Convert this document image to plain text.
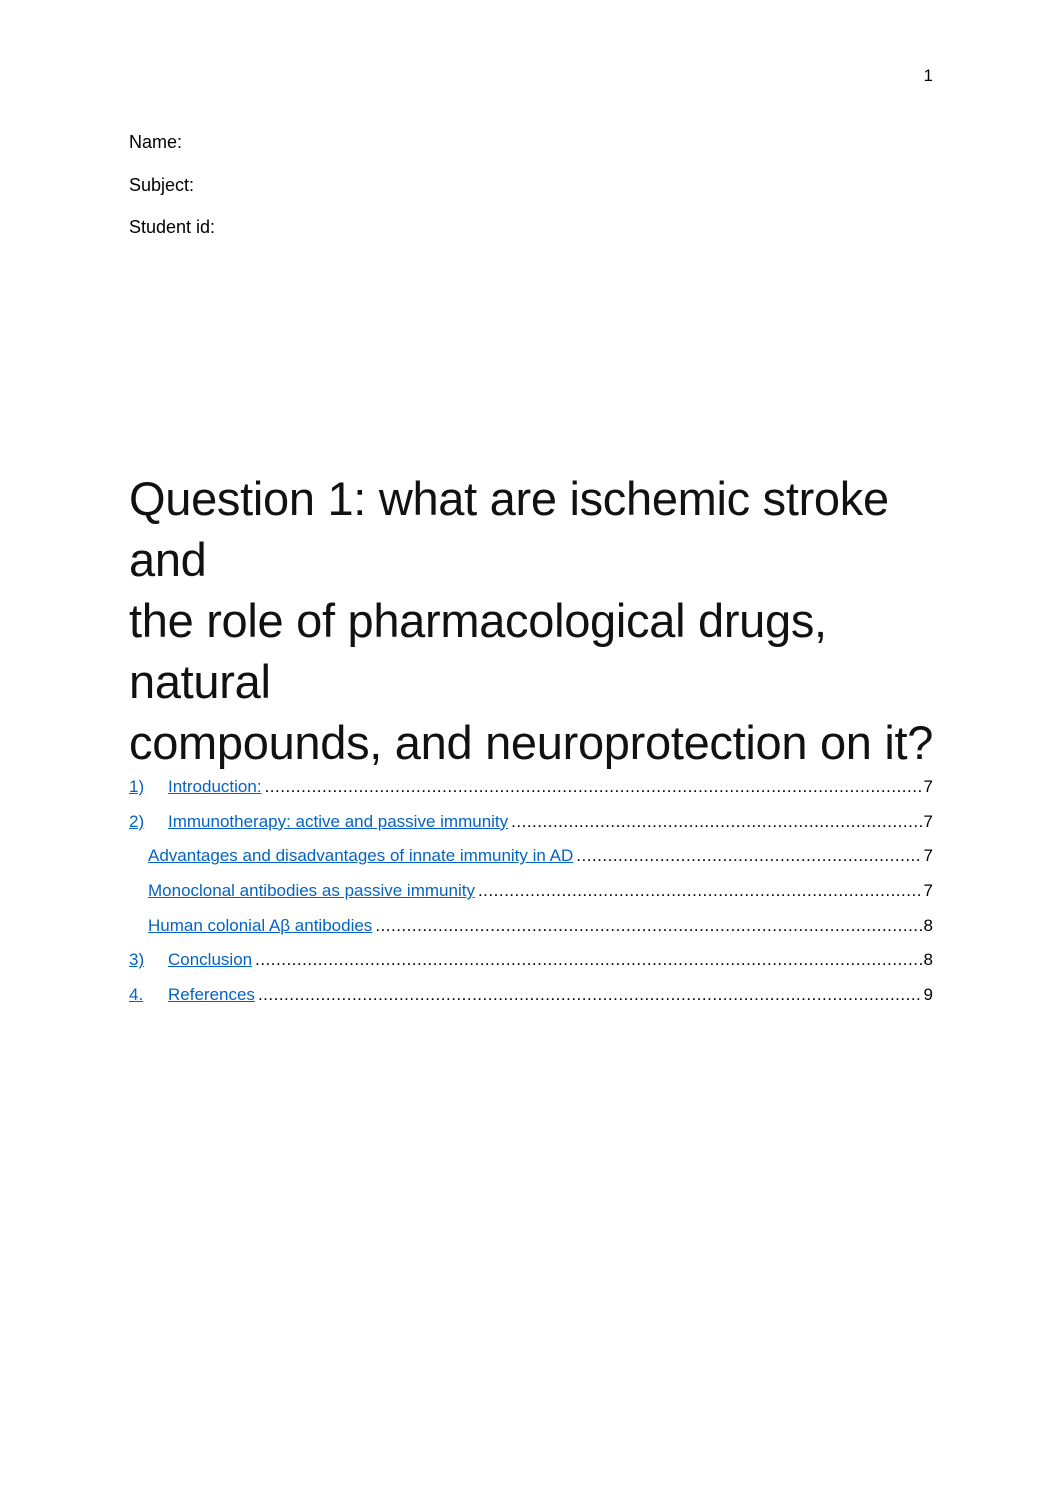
1
Name:
Subject:
Student id:
Question 1: what are ischemic stroke and
the role of pharmacological drugs, natural
compounds, and neuroprotection on it?
1)	Introduction: .....	7
2)	Immunotherapy: active and passive immunity .....	7
Advantages and disadvantages of innate immunity in AD .....	7
Monoclonal antibodies as passive immunity .....	7
Human colonial Aβ antibodies .....	8
3)	Conclusion .....	8
4.	References .....	9
